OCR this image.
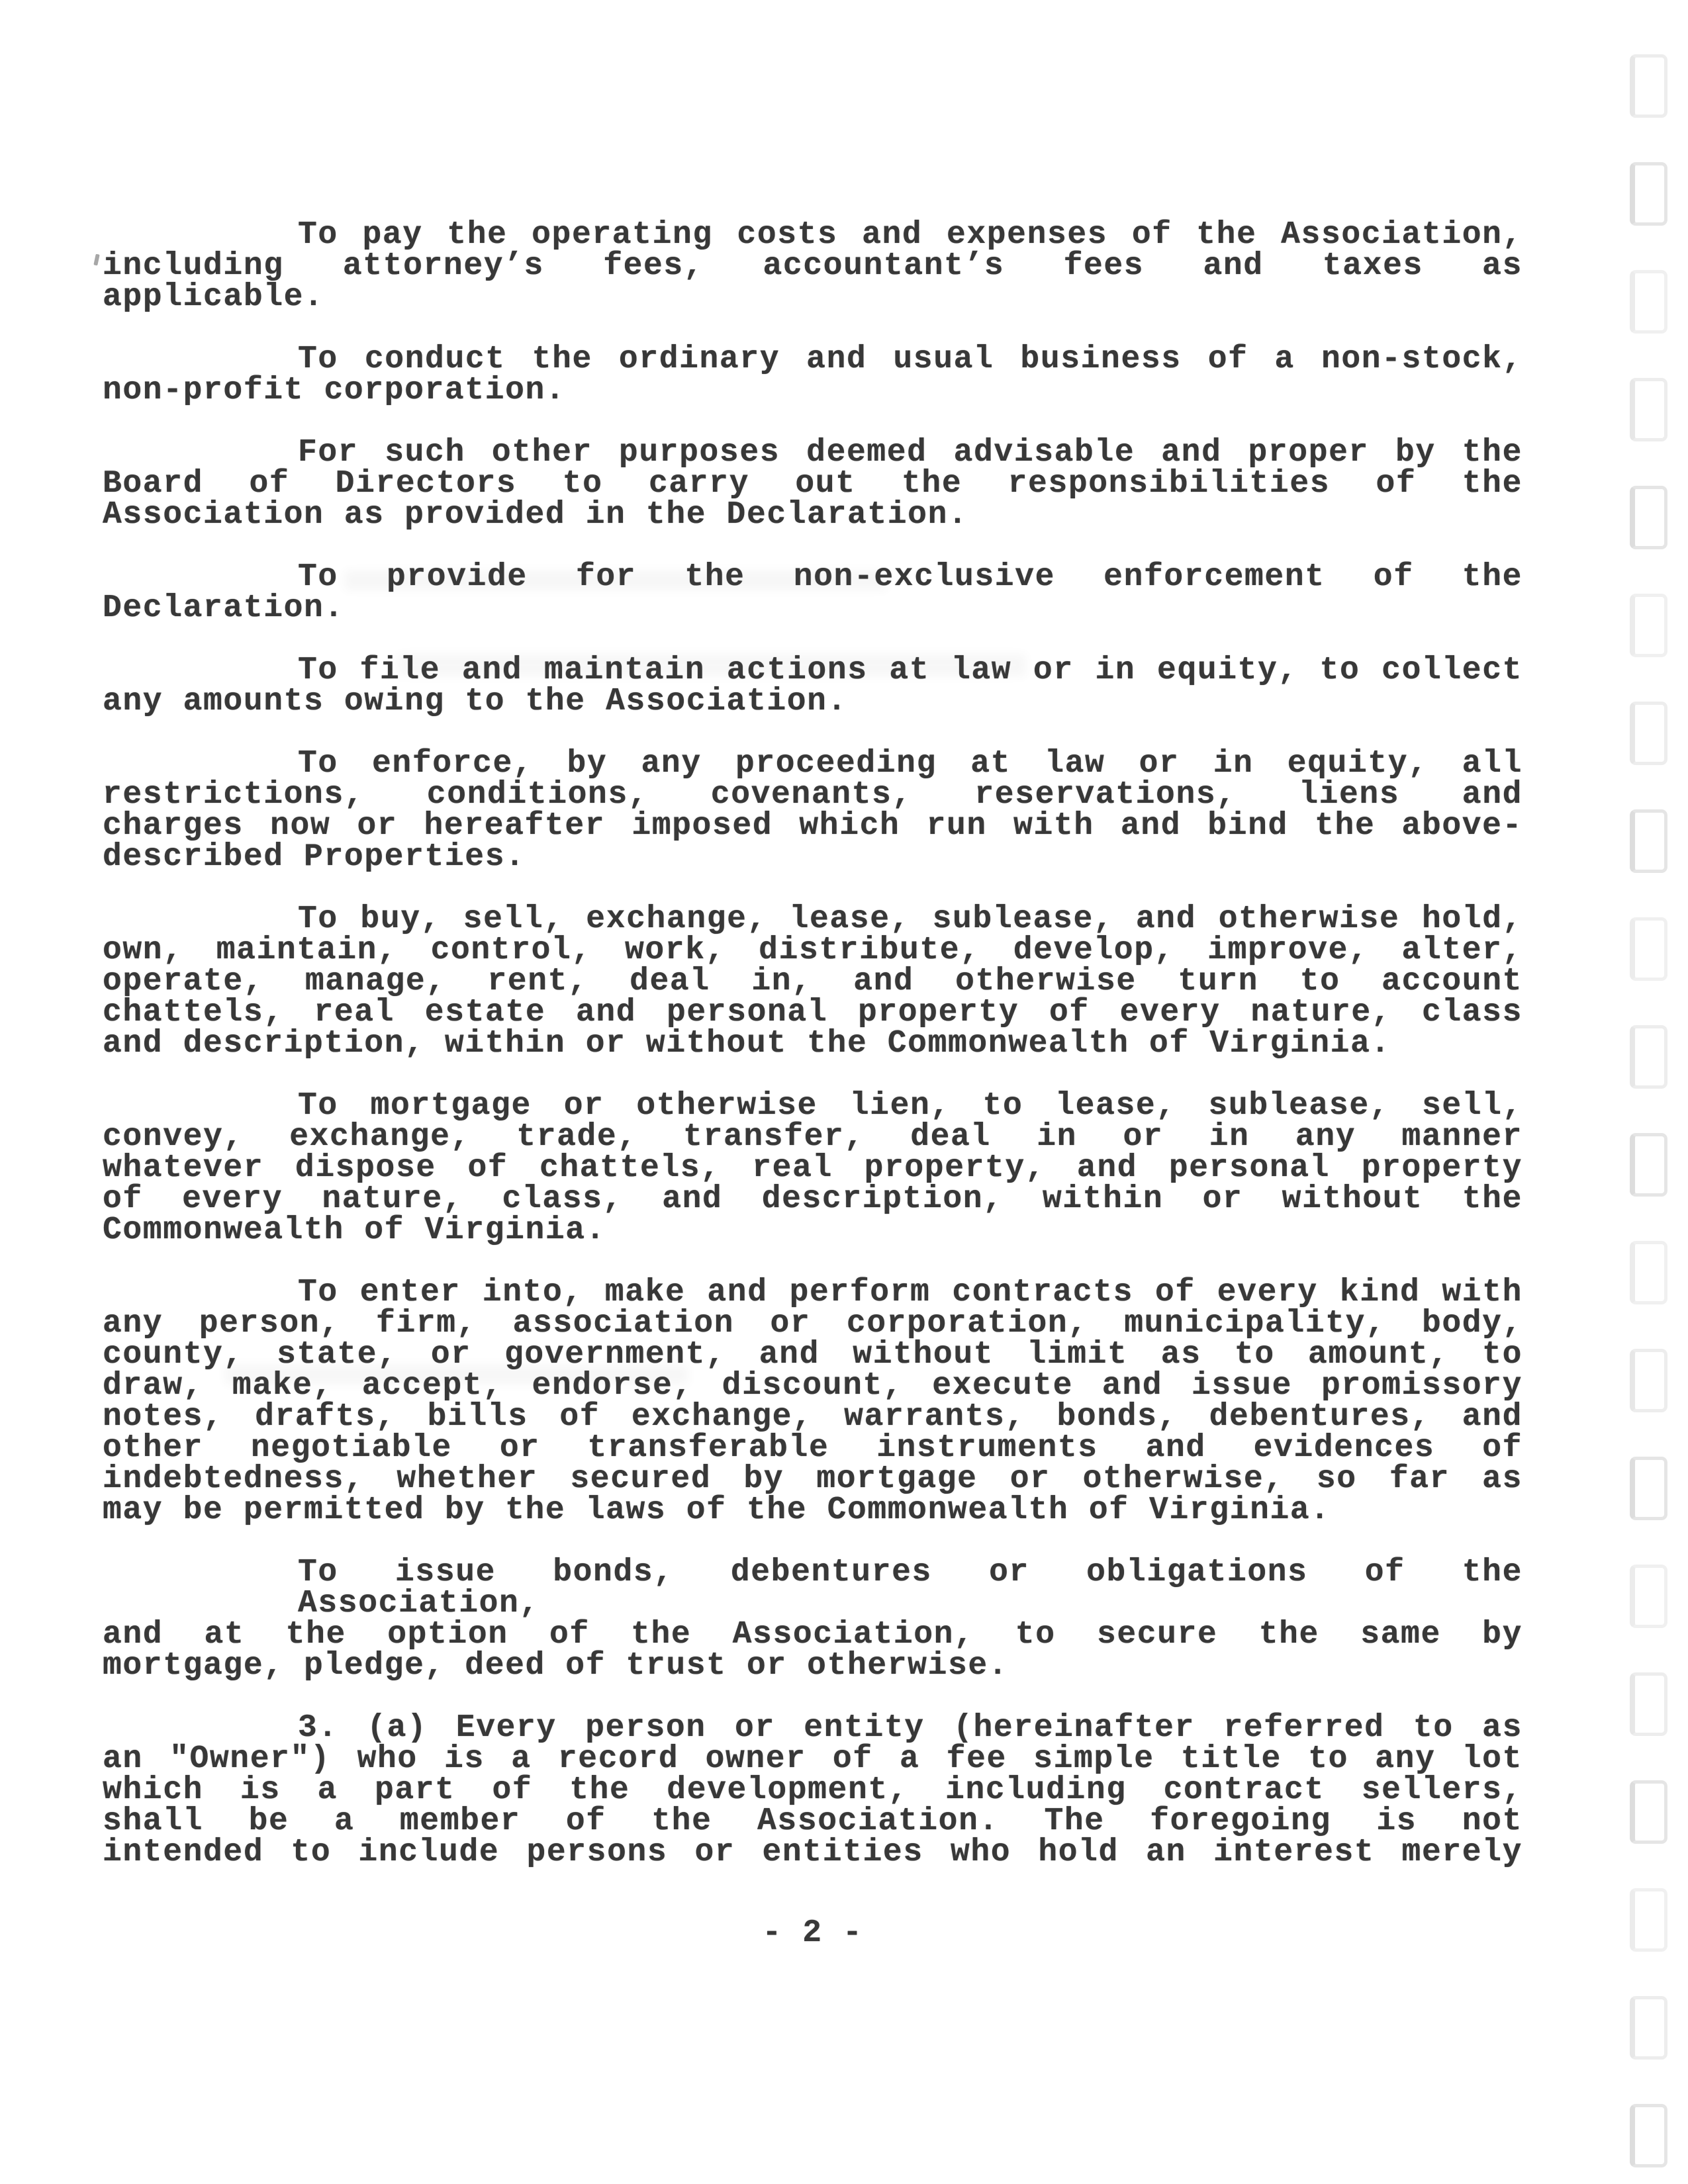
To pay the operating costs and expenses of the Association,
including attorney’s fees, accountant’s fees and taxes as
applicable.
To conduct the ordinary and usual business of a non-stock,
non-profit corporation.
For such other purposes deemed advisable and proper by the
Board of Directors to carry out the responsibilities of the
Association as provided in the Declaration.
To provide for the non-exclusive enforcement of the
Declaration.
To file and maintain actions at law or in equity, to collect
any amounts owing to the Association.
To enforce, by any proceeding at law or in equity, all
restrictions, conditions, covenants, reservations, liens and
charges now or hereafter imposed which run with and bind the above-
described Properties.
To buy, sell, exchange, lease, sublease, and otherwise hold,
own, maintain, control, work, distribute, develop, improve, alter,
operate, manage, rent, deal in, and otherwise turn to account
chattels, real estate and personal property of every nature, class
and description, within or without the Commonwealth of Virginia.
To mortgage or otherwise lien, to lease, sublease, sell,
convey, exchange, trade, transfer, deal in or in any manner
whatever dispose of chattels, real property, and personal property
of every nature, class, and description, within or without the
Commonwealth of Virginia.
To enter into, make and perform contracts of every kind with
any person, firm, association or corporation, municipality, body,
county, state, or government, and without limit as to amount, to
draw, make, accept, endorse, discount, execute and issue promissory
notes, drafts, bills of exchange, warrants, bonds, debentures, and
other negotiable or transferable instruments and evidences of
indebtedness, whether secured by mortgage or otherwise, so far as
may be permitted by the laws of the Commonwealth of Virginia.
To issue bonds, debentures or obligations of the Association,
and at the option of the Association, to secure the same by
mortgage, pledge, deed of trust or otherwise.
3. (a) Every person or entity (hereinafter referred to as
an "Owner") who is a record owner of a fee simple title to any lot
which is a part of the development, including contract sellers,
shall be a member of the Association. The foregoing is not
intended to include persons or entities who hold an interest merely
- 2 -
